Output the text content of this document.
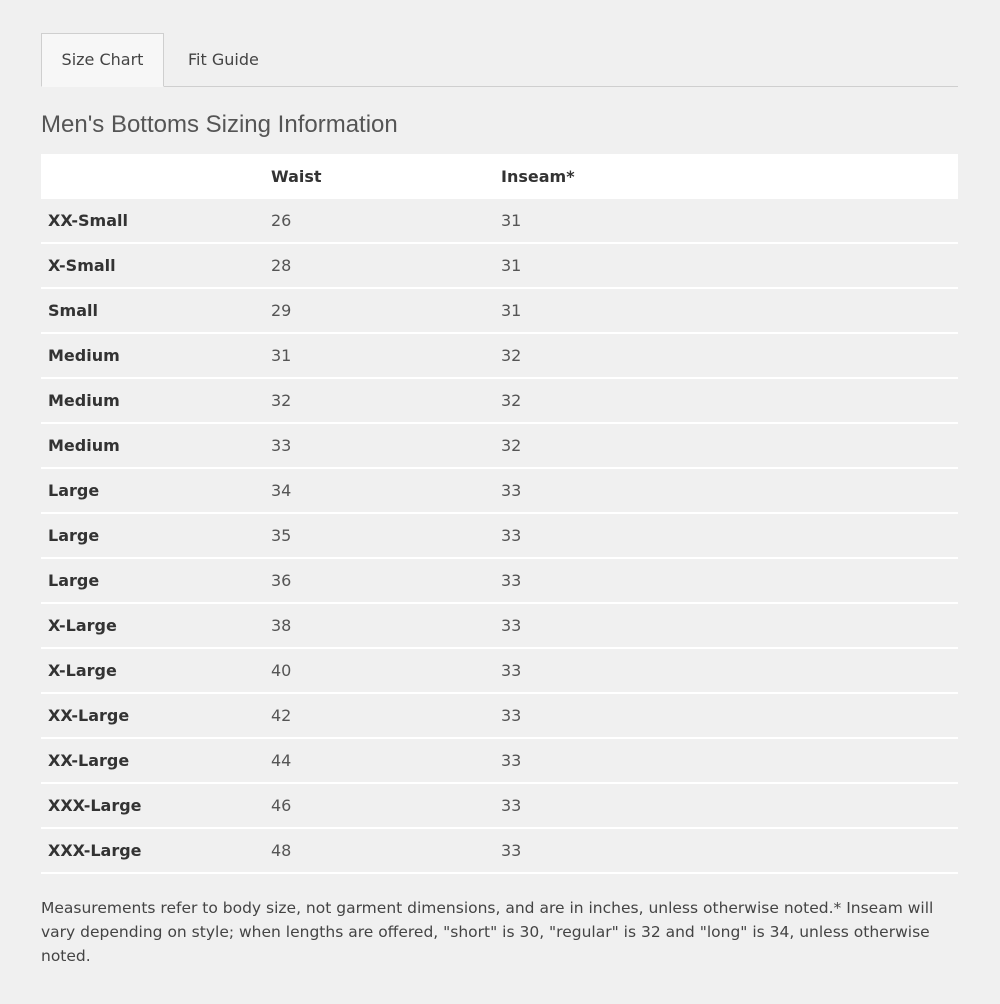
Size Chart	Fit Guide
Men's Bottoms Sizing Information
	Waist	Inseam*
XX-Small	26	31
X-Small	28	31
Small	29	31
Medium	31	32
Medium	32	32
Medium	33	32
Large	34	33
Large	35	33
Large	36	33
X-Large	38	33
X-Large	40	33
XX-Large	42	33
XX-Large	44	33
XXX-Large	46	33
XXX-Large	48	33
Measurements refer to body size, not garment dimensions, and are in inches, unless otherwise noted.* Inseam will vary depending on style; when lengths are offered, "short" is 30, "regular" is 32 and "long" is 34, unless otherwise noted.
